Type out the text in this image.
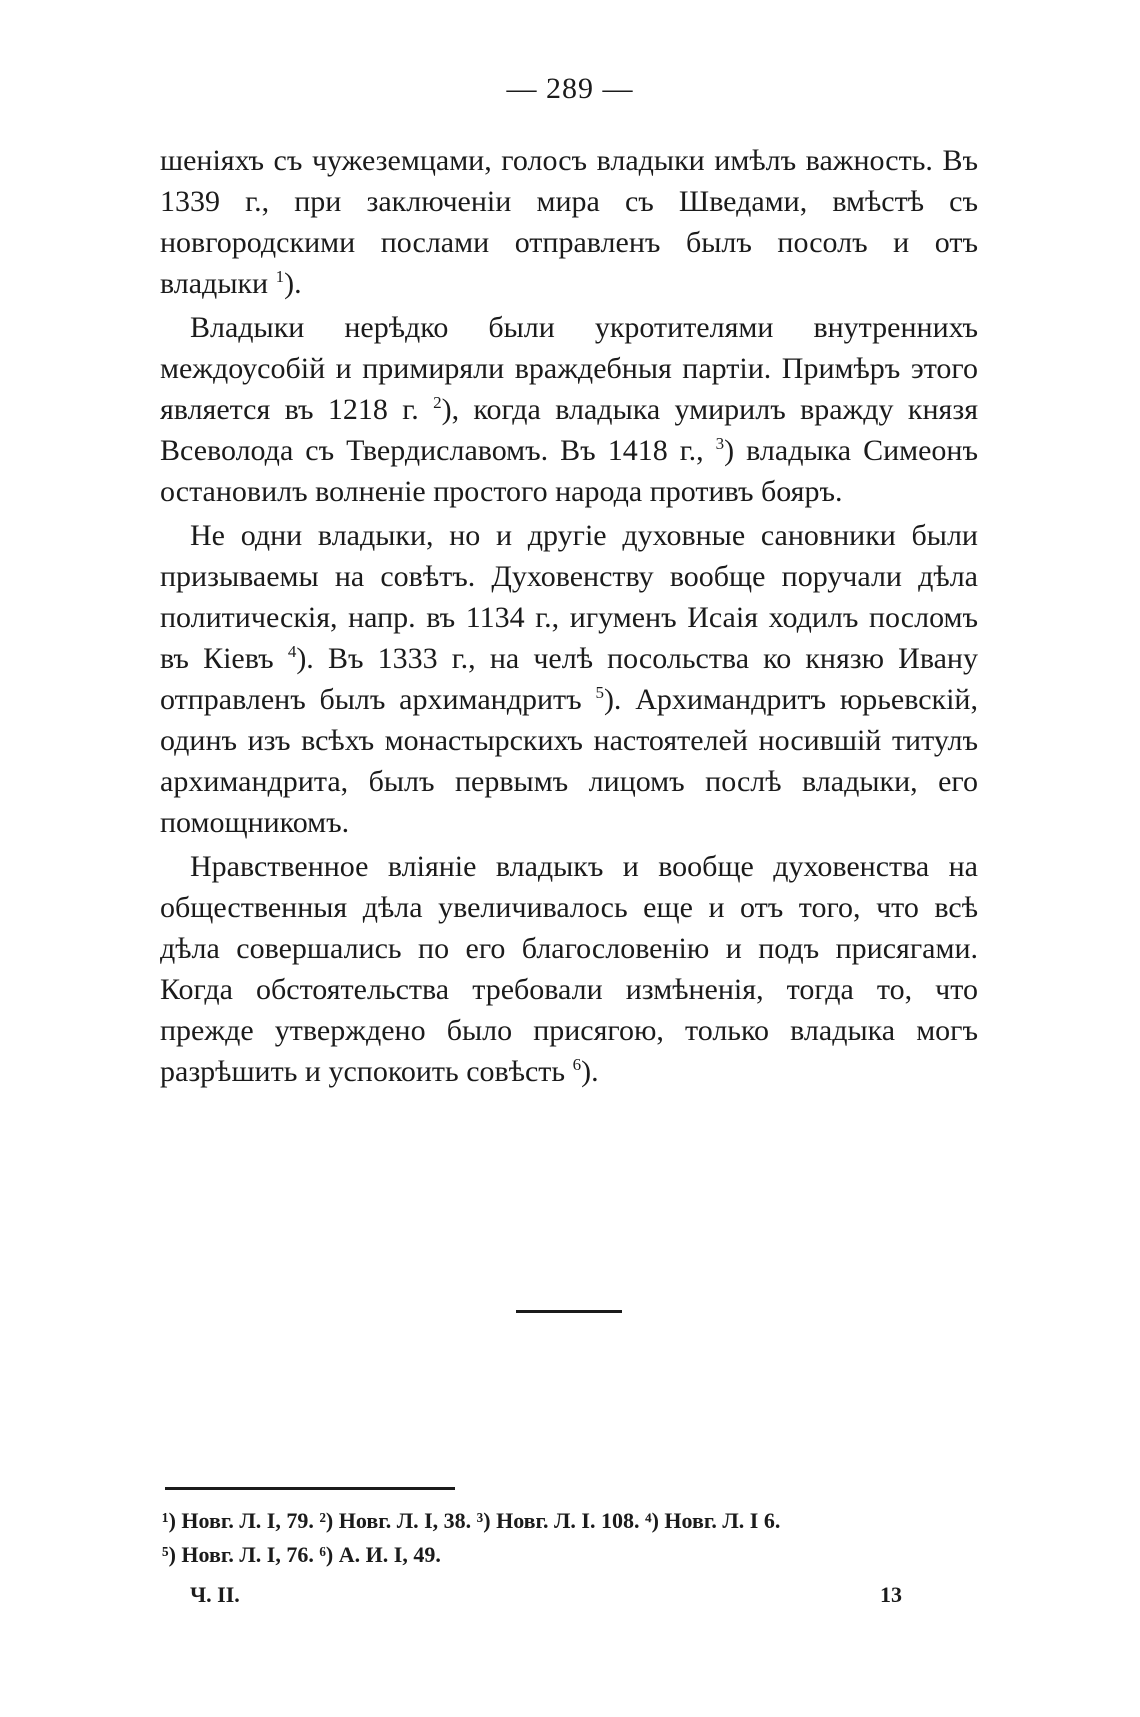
— 289 —

шеніяхъ съ чужеземцами, голосъ владыки имѣлъ важность. Въ 1339 г., при заключеніи мира съ Шведами, вмѣстѣ съ новгородскими послами отправленъ былъ посолъ и отъ владыки $^1$).

Владыки нерѣдко были укротителями внутреннихъ междоусобій и примиряли враждебныя партіи. Примѣръ этого является въ 1218 г. $^2$), когда владыка умирилъ вражду князя Всеволода съ Твердиславомъ. Въ 1418 г., $^3$) владыка Симеонъ остановилъ волненіе простого народа противъ бояръ.

Не одни владыки, но и другіе духовные сановники были призываемы на совѣтъ. Духовенству вообще поручали дѣла политическія, напр. въ 1134 г., игуменъ Исаія ходилъ посломъ въ Кіевъ $^4$). Въ 1333 г., на челѣ посольства ко князю Ивану отправленъ былъ архимандритъ $^5$). Архимандритъ юрьевскій, одинъ изъ всѣхъ монастырскихъ настоятелей носившій титулъ архимандрита, былъ первымъ лицомъ послѣ владыки, его помощникомъ.

Нравственное вліяніе владыкъ и вообще духовенства на общественныя дѣла увеличивалось еще и отъ того, что всѣ дѣла совершались по его благословенію и подъ присягами. Когда обстоятельства требовали измѣненія, тогда то, что прежде утверждено было присягою, только владыка могъ разрѣшить и успокоить совѣсть $^6$).

¹) Новг. Л. I, 79. ²) Новг. Л. I, 38. ³) Новг. Л. I. 108. ⁴) Новг. Л. I 6.
⁵) Новг. Л. I, 76. ⁶) А. И. I, 49.
Ч. II.	13
